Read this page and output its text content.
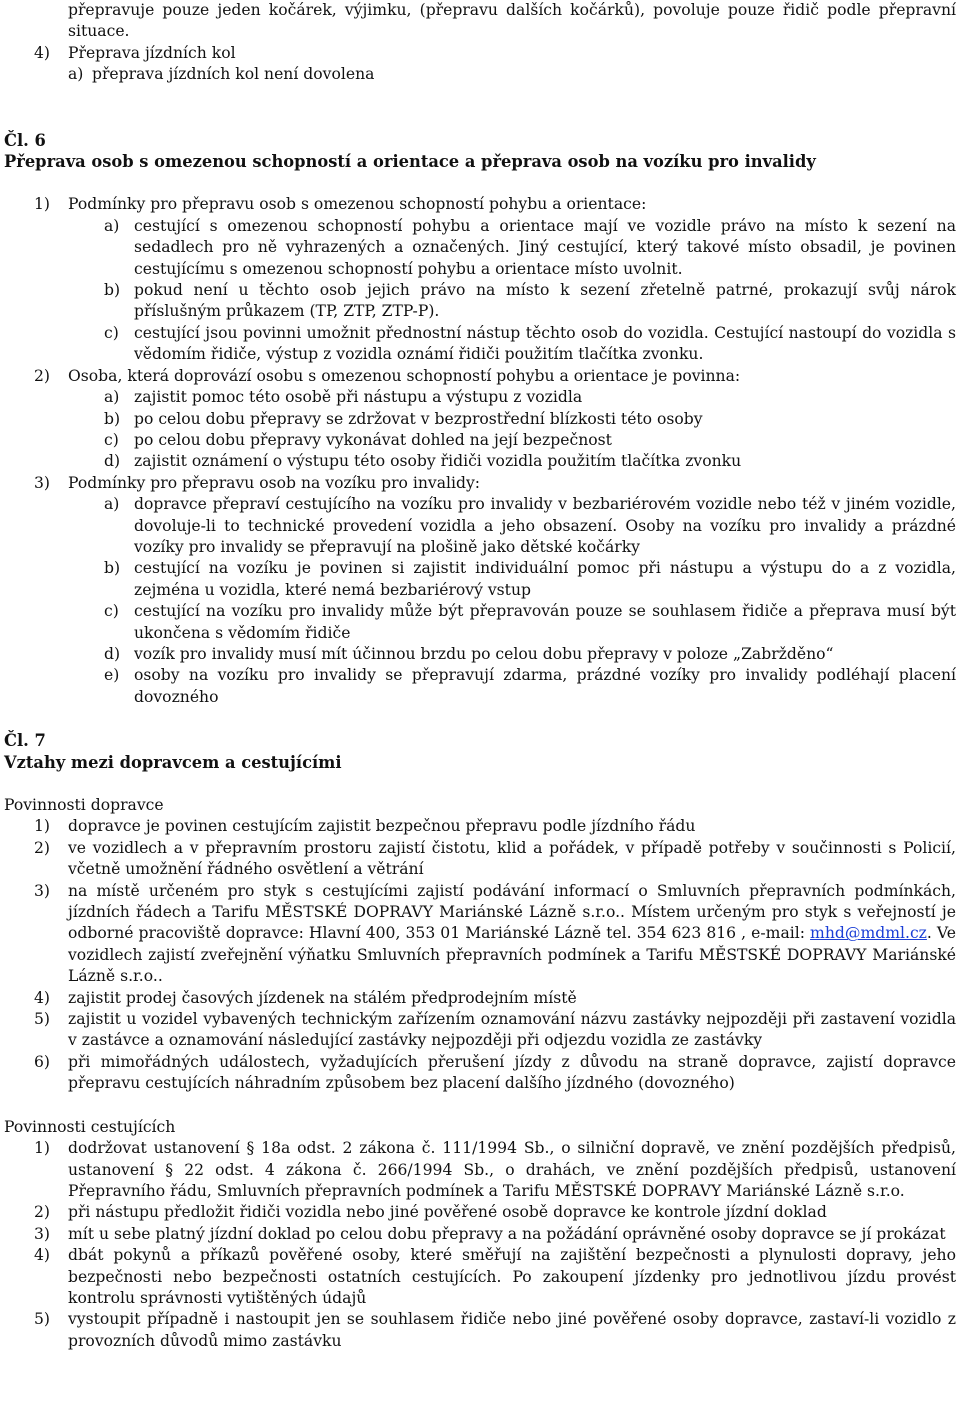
přepravuje pouze jeden kočárek, výjimku, (přepravu dalších kočárků), povoluje pouze řidič podle přepravní situace.
4)	Přeprava jízdních kol
a) přeprava jízdních kol není dovolena
Čl. 6
Přeprava osob s omezenou schopností a orientace a přeprava osob na vozíku pro invalidy
1)	Podmínky pro přepravu osob s omezenou schopností pohybu a orientace:
a) cestující s omezenou schopností pohybu a orientace mají ve vozidle právo na místo k sezení na sedadlech pro ně vyhrazených a označených. Jiný cestující, který takové místo obsadil, je povinen cestujícímu s omezenou schopností pohybu a orientace místo uvolnit.
b) pokud není u těchto osob jejich právo na místo k sezení zřetelně patrné, prokazují svůj nárok příslušným průkazem (TP, ZTP, ZTP-P).
c) cestující jsou povinni umožnit přednostní nástup těchto osob do vozidla. Cestující nastoupí do vozidla s vědomím řidiče, výstup z vozidla oznámí řidiči použitím tlačítka zvonku.
2)	Osoba, která doprovází osobu s omezenou schopností pohybu a orientace je povinna:
a) zajistit pomoc této osobě při nástupu a výstupu z vozidla
b) po celou dobu přepravy se zdržovat v bezprostřední blízkosti této osoby
c) po celou dobu přepravy vykonávat dohled na její bezpečnost
d) zajistit oznámení o výstupu této osoby řidiči vozidla použitím tlačítka zvonku
3)	Podmínky pro přepravu osob na vozíku pro invalidy:
a) dopravce přepraví cestujícího na vozíku pro invalidy v bezbariérovém vozidle nebo též v jiném vozidle, dovoluje-li to technické provedení vozidla a jeho obsazení. Osoby na vozíku pro invalidy a prázdné vozíky pro invalidy se přepravují na plošině jako dětské kočárky
b) cestující na vozíku je povinen si zajistit individuální pomoc při nástupu a výstupu do a z vozidla, zejména u vozidla, které nemá bezbariérový vstup
c) cestující na vozíku pro invalidy může být přepravován pouze se souhlasem řidiče a přeprava musí být ukončena s vědomím řidiče
d) vozík pro invalidy musí mít účinnou brzdu po celou dobu přepravy v poloze „Zabržděno“
e) osoby na vozíku pro invalidy se přepravují zdarma, prázdné vozíky pro invalidy podléhají placení dovozného
Čl. 7
Vztahy mezi dopravcem a cestujícími
Povinnosti dopravce
1)	dopravce je povinen cestujícím zajistit bezpečnou přepravu podle jízdního řádu
2)	ve vozidlech a v přepravním prostoru zajistí čistotu, klid a pořádek, v případě potřeby v součinnosti s Policií, včetně umožnění řádného osvětlení a větrání
3)	na místě určeném pro styk s cestujícími zajistí podávání informací o Smluvních přepravních podmínkách, jízdních řádech a Tarifu MĚSTSKÉ DOPRAVY Mariánské Lázně s.r.o.. Místem určeným pro styk s veřejností je odborné pracoviště dopravce: Hlavní 400, 353 01 Mariánské Lázně tel. 354 623 816 , e-mail: mhd@mdml.cz. Ve vozidlech zajistí zveřejnění výňatku Smluvních přepravních podmínek a Tarifu MĚSTSKÉ DOPRAVY Mariánské Lázně s.r.o..
4)	zajistit prodej časových jízdenek na stálém předprodejním místě
5)	zajistit u vozidel vybavených technickým zařízením oznamování názvu zastávky nejpozději při zastavení vozidla v zastávce a oznamování následující zastávky nejpozději při odjezdu vozidla ze zastávky
6)	při mimořádných událostech, vyžadujících přerušení jízdy z důvodu na straně dopravce, zajistí dopravce přepravu cestujících náhradním způsobem bez placení dalšího jízdného (dovozného)
Povinnosti cestujících
1)	dodržovat ustanovení § 18a odst. 2 zákona č. 111/1994 Sb., o silniční dopravě, ve znění pozdějších předpisů, ustanovení § 22 odst. 4 zákona č. 266/1994 Sb., o drahách, ve znění pozdějších předpisů, ustanovení Přepravního řádu, Smluvních přepravních podmínek a Tarifu MĚSTSKÉ DOPRAVY Mariánské Lázně s.r.o.
2)	při nástupu předložit řidiči vozidla nebo jiné pověřené osobě dopravce ke kontrole jízdní doklad
3)	mít u sebe platný jízdní doklad po celou dobu přepravy a na požádání oprávněné osoby dopravce se jí prokázat
4)	dbát pokynů a příkazů pověřené osoby, které směřují na zajištění bezpečnosti a plynulosti dopravy, jeho bezpečnosti nebo bezpečnosti ostatních cestujících. Po zakoupení jízdenky pro jednotlivou jízdu provést kontrolu správnosti vytištěných údajů
5)	vystoupit případně i nastoupit jen se souhlasem řidiče nebo jiné pověřené osoby dopravce, zastaví-li vozidlo z provozních důvodů mimo zastávku
